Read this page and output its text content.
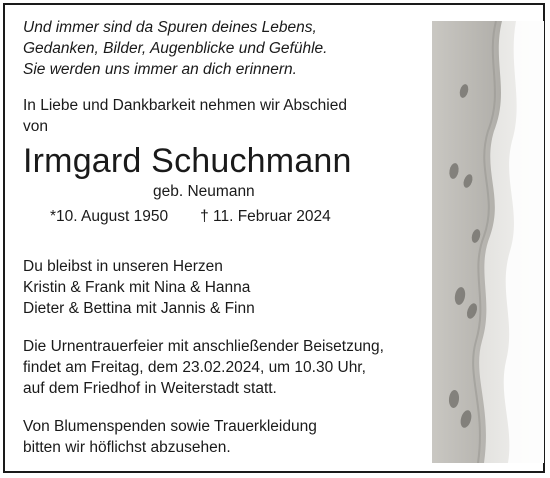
Und immer sind da Spuren deines Lebens,
Gedanken, Bilder, Augenblicke und Gefühle.
Sie werden uns immer an dich erinnern.

In Liebe und Dankbarkeit nehmen wir Abschied
von
Irmgard Schuchmann
geb. Neumann
*10. August 1950 † 11. Februar 2024
Du bleibst in unseren Herzen
Kristin & Frank mit Nina & Hanna
Dieter & Bettina mit Jannis & Finn
Die Urnentrauerfeier mit anschließender Beisetzung,
findet am Freitag, dem 23.02.2024, um 10.30 Uhr,
auf dem Friedhof in Weiterstadt statt.
Von Blumenspenden sowie Trauerkleidung
bitten wir höflichst abzusehen.
